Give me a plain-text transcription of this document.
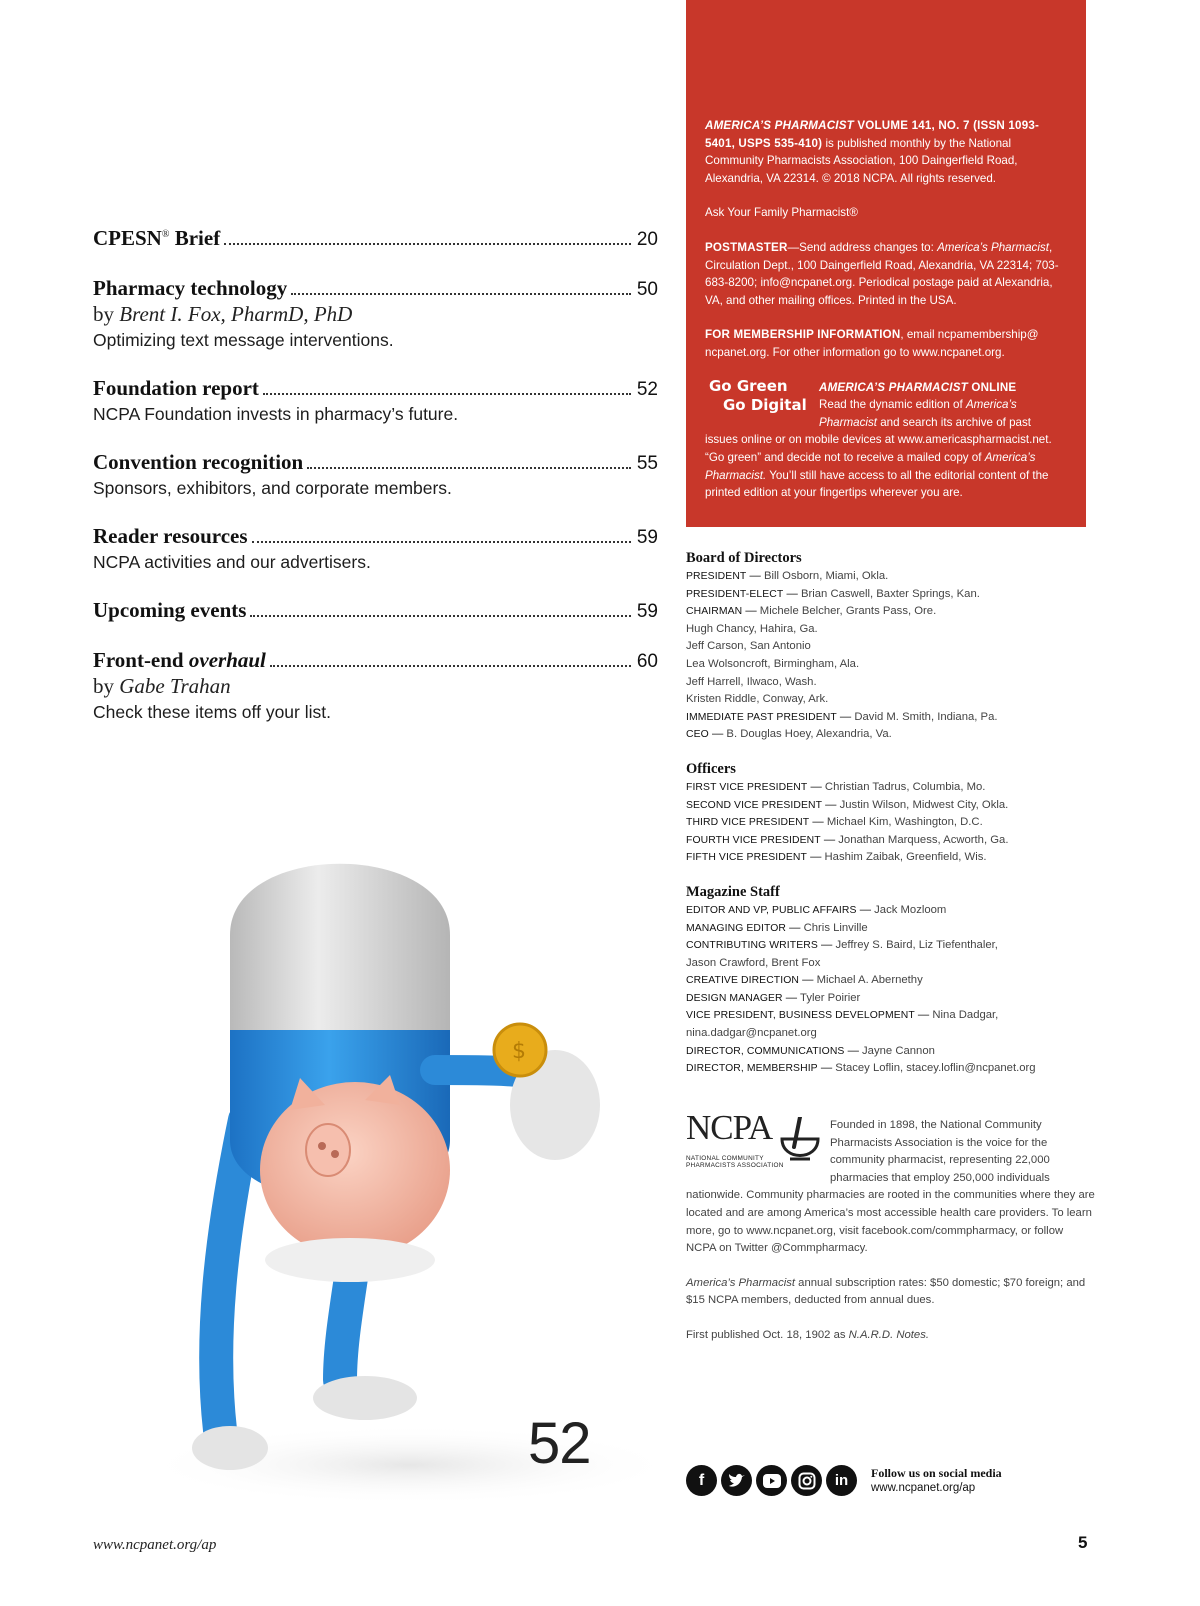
CPESN® Brief	20
Pharmacy technology	50
by Brent I. Fox, PharmD, PhD
Optimizing text message interventions.
Foundation report	52
NCPA Foundation invests in pharmacy’s future.
Convention recognition	55
Sponsors, exhibitors, and corporate members.
Reader resources	59
NCPA activities and our advertisers.
Upcoming events	59
Front-end overhaul	60
by Gabe Trahan
Check these items off your list.
$
52

AMERICA’S PHARMACIST VOLUME 141, NO. 7 (ISSN 1093-5401, USPS 535-410) is published monthly by the National Community Pharmacists Association, 100 Daingerfield Road, Alexandria, VA 22314. © 2018 NCPA. All rights reserved.

Ask Your Family Pharmacist®

POSTMASTER—Send address changes to: America’s Pharmacist, Circulation Dept., 100 Daingerfield Road, Alexandria, VA 22314; 703-683-8200; info@ncpanet.org. Periodical postage paid at Alexandria, VA, and other mailing offices. Printed in the USA.

FOR MEMBERSHIP INFORMATION, email ncpamembership@ ncpanet.org. For other information go to www.ncpanet.org.

Go Green
Go Digital
AMERICA’S PHARMACIST ONLINE
Read the dynamic edition of America’s Pharmacist and search its archive of past issues online or on mobile devices at www.americaspharmacist.net. “Go green” and decide not to receive a mailed copy of America’s Pharmacist. You’ll still have access to all the editorial content of the printed edition at your fingertips wherever you are.
Board of Directors
PRESIDENT — Bill Osborn, Miami, Okla.
PRESIDENT-ELECT — Brian Caswell, Baxter Springs, Kan.
CHAIRMAN — Michele Belcher, Grants Pass, Ore.
Hugh Chancy, Hahira, Ga.
Jeff Carson, San Antonio
Lea Wolsoncroft, Birmingham, Ala.
Jeff Harrell, Ilwaco, Wash.
Kristen Riddle, Conway, Ark.
IMMEDIATE PAST PRESIDENT — David M. Smith, Indiana, Pa.
CEO — B. Douglas Hoey, Alexandria, Va.
Officers
FIRST VICE PRESIDENT — Christian Tadrus, Columbia, Mo.
SECOND VICE PRESIDENT — Justin Wilson, Midwest City, Okla.
THIRD VICE PRESIDENT — Michael Kim, Washington, D.C.
FOURTH VICE PRESIDENT — Jonathan Marquess, Acworth, Ga.
FIFTH VICE PRESIDENT — Hashim Zaibak, Greenfield, Wis.
Magazine Staff
EDITOR AND VP, PUBLIC AFFAIRS — Jack Mozloom
MANAGING EDITOR — Chris Linville
CONTRIBUTING WRITERS — Jeffrey S. Baird, Liz Tiefenthaler,
Jason Crawford, Brent Fox
CREATIVE DIRECTION — Michael A. Abernethy
DESIGN MANAGER — Tyler Poirier
VICE PRESIDENT, BUSINESS DEVELOPMENT — Nina Dadgar,
nina.dadgar@ncpanet.org
DIRECTOR, COMMUNICATIONS — Jayne Cannon
DIRECTOR, MEMBERSHIP — Stacey Loflin, stacey.loflin@ncpanet.org
NCPA
NATIONAL COMMUNITY
PHARMACISTS ASSOCIATION

Founded in 1898, the National Community Pharmacists Association is the voice for the community pharmacist, representing 22,000 pharmacies that employ 250,000 individuals nationwide. Community pharmacies are rooted in the communities where they are located and are among America’s most accessible health care providers. To learn more, go to www.ncpanet.org, visit facebook.com/commpharmacy, or follow NCPA on Twitter @Commpharmacy.

America’s Pharmacist annual subscription rates: $50 domestic; $70 foreign; and $15 NCPA members, deducted from annual dues.

First published Oct. 18, 1902 as N.A.R.D. Notes.

f	in	Follow us on social media
www.ncpanet.org/ap
www.ncpanet.org/ap	5
